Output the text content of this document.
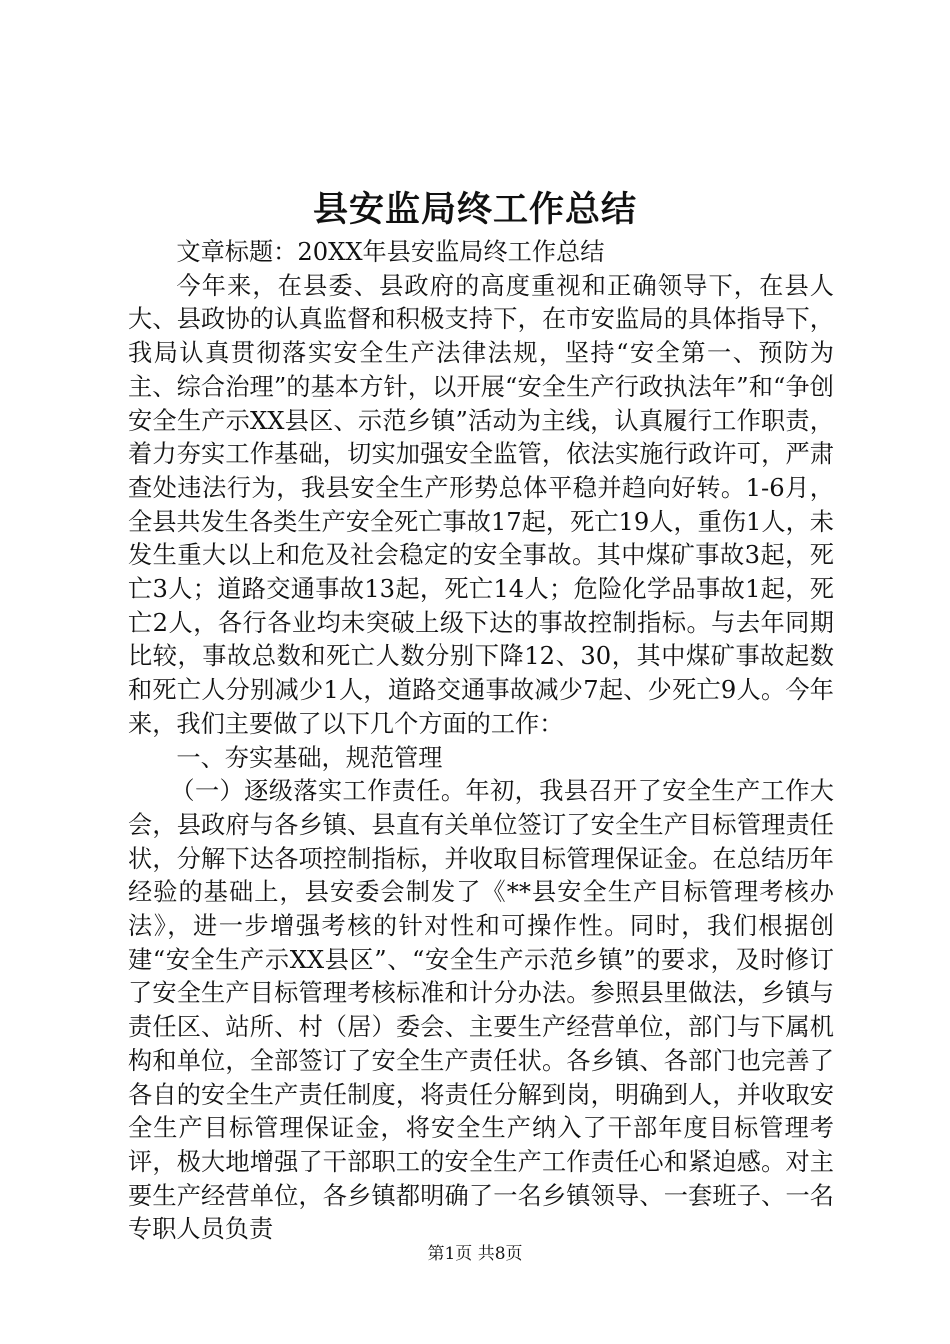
县安监局终工作总结

文章标题：20XX年县安监局终工作总结

今年来，在县委、县政府的高度重视和正确领导下，在县人大、县政协的认真监督和积极支持下，在市安监局的具体指导下，我局认真贯彻落实安全生产法律法规，坚持“安全第一、预防为主、综合治理”的基本方针，以开展“安全生产行政执法年”和“争创安全生产示XX县区、示范乡镇”活动为主线，认真履行工作职责，着力夯实工作基础，切实加强安全监管，依法实施行政许可，严肃查处违法行为，我县安全生产形势总体平稳并趋向好转。1-6月，全县共发生各类生产安全死亡事故17起，死亡19人，重伤1人，未发生重大以上和危及社会稳定的安全事故。其中煤矿事故3起，死亡3人；道路交通事故13起，死亡14人；危险化学品事故1起，死亡2人，各行各业均未突破上级下达的事故控制指标。与去年同期比较，事故总数和死亡人数分别下降12、30，其中煤矿事故起数和死亡人分别减少1人，道路交通事故减少7起、少死亡9人。今年来，我们主要做了以下几个方面的工作：

一、夯实基础，规范管理

（一）逐级落实工作责任。年初，我县召开了安全生产工作大会，县政府与各乡镇、县直有关单位签订了安全生产目标管理责任状，分解下达各项控制指标，并收取目标管理保证金。在总结历年经验的基础上，县安委会制发了《**县安全生产目标管理考核办法》，进一步增强考核的针对性和可操作性。同时，我们根据创建“安全生产示XX县区”、“安全生产示范乡镇”的要求，及时修订了安全生产目标管理考核标准和计分办法。参照县里做法，乡镇与责任区、站所、村（居）委会、主要生产经营单位，部门与下属机构和单位，全部签订了安全生产责任状。各乡镇、各部门也完善了各自的安全生产责任制度，将责任分解到岗，明确到人，并收取安全生产目标管理保证金，将安全生产纳入了干部年度目标管理考评，极大地增强了干部职工的安全生产工作责任心和紧迫感。对主要生产经营单位，各乡镇都明确了一名乡镇领导、一套班子、一名专职人员负责

第1页 共8页
